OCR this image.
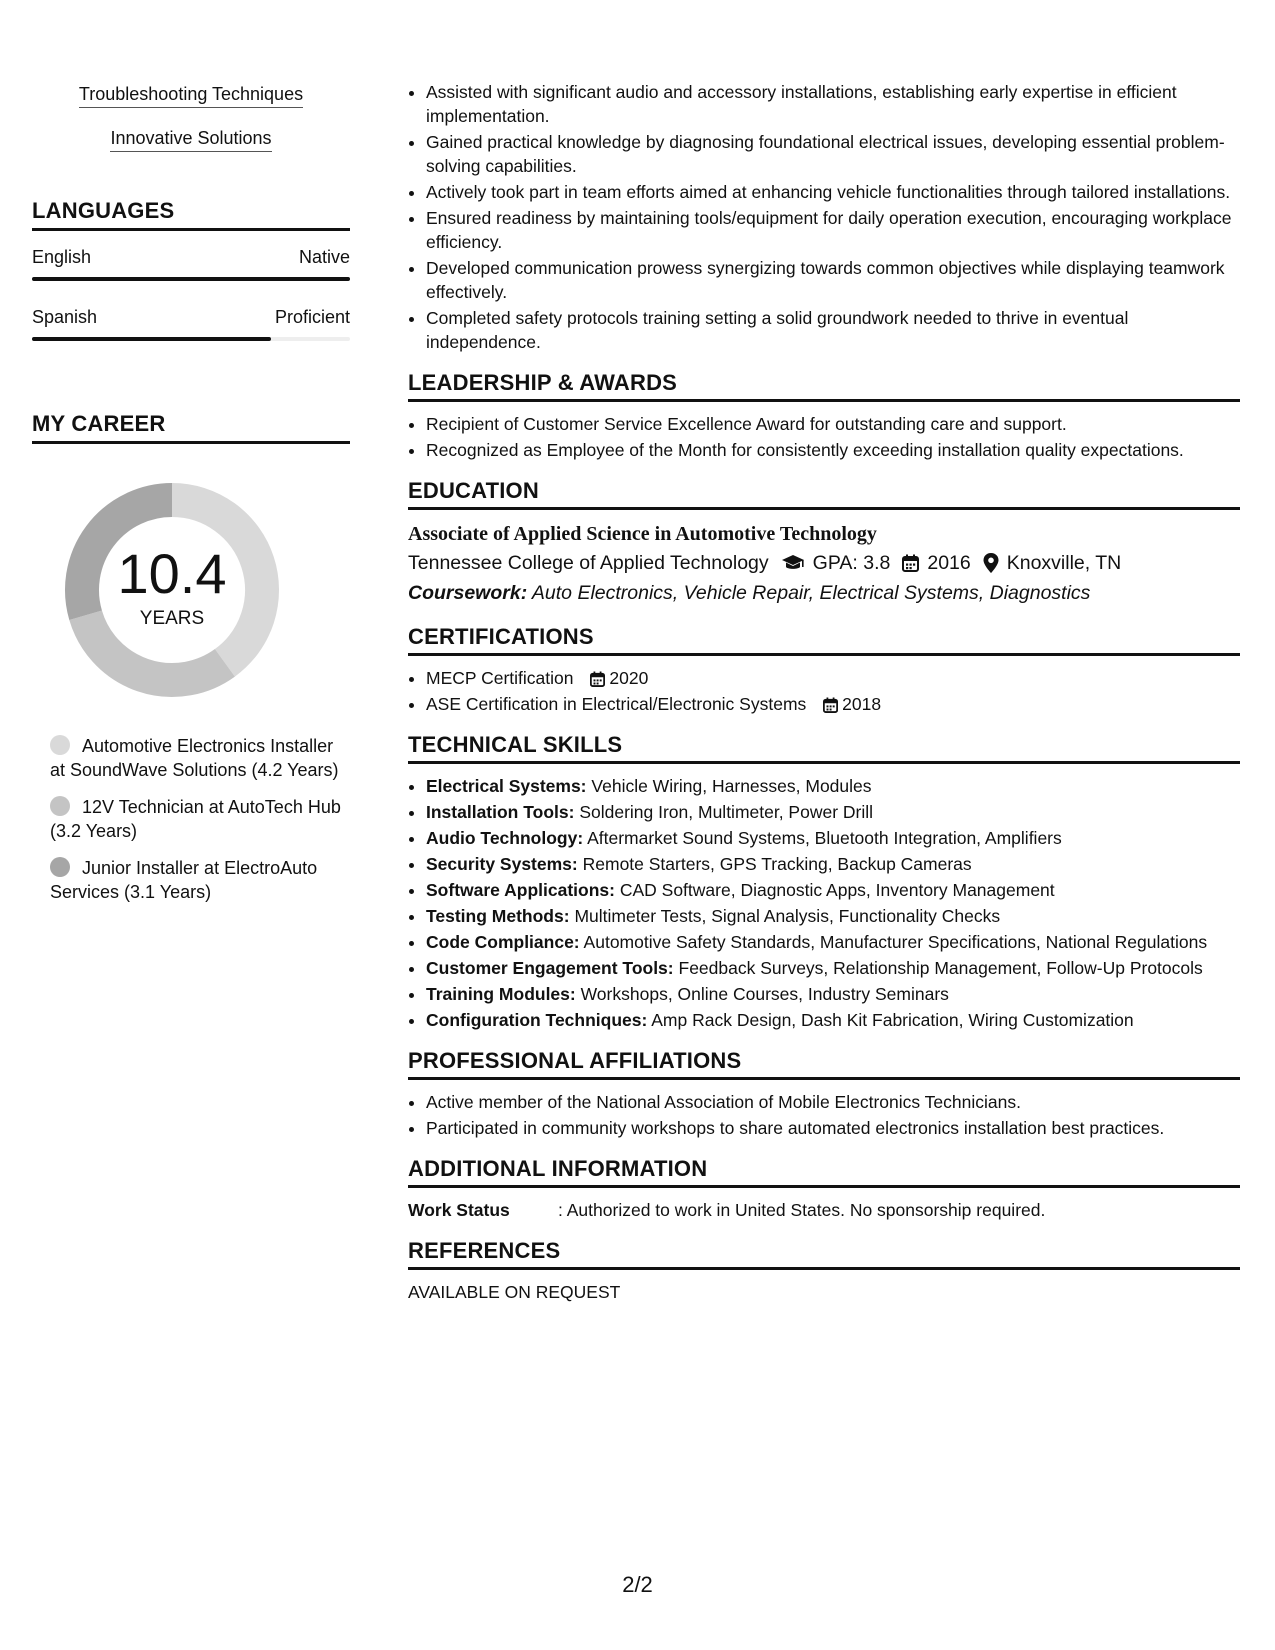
Troubleshooting Techniques
Innovative Solutions
LANGUAGES
English	Native
Spanish	Proficient
MY CAREER
10.4
YEARS
Automotive Electronics Installer at SoundWave Solutions (4.2 Years)
12V Technician at AutoTech Hub (3.2 Years)
Junior Installer at ElectroAuto Services (3.1 Years)
• Assisted with significant audio and accessory installations, establishing early expertise in efficient implementation.
• Gained practical knowledge by diagnosing foundational electrical issues, developing essential problem-solving capabilities.
• Actively took part in team efforts aimed at enhancing vehicle functionalities through tailored installations.
• Ensured readiness by maintaining tools/equipment for daily operation execution, encouraging workplace efficiency.
• Developed communication prowess synergizing towards common objectives while displaying teamwork effectively.
• Completed safety protocols training setting a solid groundwork needed to thrive in eventual independence.
LEADERSHIP & AWARDS
• Recipient of Customer Service Excellence Award for outstanding care and support.
• Recognized as Employee of the Month for consistently exceeding installation quality expectations.
EDUCATION
Associate of Applied Science in Automotive Technology
Tennessee College of Applied Technology GPA: 3.8 2016 Knoxville, TN
Coursework: Auto Electronics, Vehicle Repair, Electrical Systems, Diagnostics
CERTIFICATIONS
• MECP Certification 2020
• ASE Certification in Electrical/Electronic Systems 2018
TECHNICAL SKILLS
• Electrical Systems: Vehicle Wiring, Harnesses, Modules
• Installation Tools: Soldering Iron, Multimeter, Power Drill
• Audio Technology: Aftermarket Sound Systems, Bluetooth Integration, Amplifiers
• Security Systems: Remote Starters, GPS Tracking, Backup Cameras
• Software Applications: CAD Software, Diagnostic Apps, Inventory Management
• Testing Methods: Multimeter Tests, Signal Analysis, Functionality Checks
• Code Compliance: Automotive Safety Standards, Manufacturer Specifications, National Regulations
• Customer Engagement Tools: Feedback Surveys, Relationship Management, Follow-Up Protocols
• Training Modules: Workshops, Online Courses, Industry Seminars
• Configuration Techniques: Amp Rack Design, Dash Kit Fabrication, Wiring Customization
PROFESSIONAL AFFILIATIONS
• Active member of the National Association of Mobile Electronics Technicians.
• Participated in community workshops to share automated electronics installation best practices.
ADDITIONAL INFORMATION
Work Status	: Authorized to work in United States. No sponsorship required.
REFERENCES
AVAILABLE ON REQUEST
2/2
